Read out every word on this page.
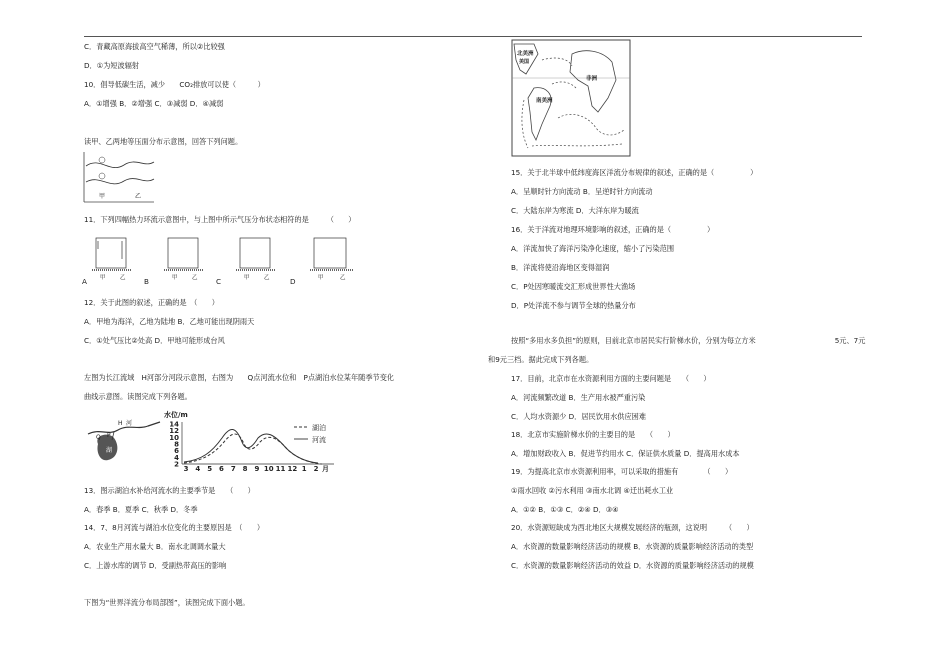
C．青藏高原海拔高空气稀薄，所以②比较强
D．①为短波辐射
10．倡导低碳生活，减少　　CO₂排放可以使（　　　）
A．①增强 B．②增强 C．③减弱 D．④减弱
读甲、乙两地等压面分布示意图，回答下列问题。
甲	乙
11．下列四幅热力环流示意图中，与上图中所示气压分布状态相符的是　　　（　　）
A 甲	乙	B	甲	乙	C	甲	乙	D	甲	乙
12．关于此图的叙述，正确的是　（　　）
A．甲地为海洋，乙地为陆地 B．乙地可能出现阴雨天
C．①处气压比②处高 D．甲地可能形成台风
左图为长江流域　H河部分河段示意图，右图为　　Q点河流水位和　P点湖泊水位某年随季节变化
曲线示意图。读图完成下列各题。
H 河
Q P
湖
水位/m
14
12
10
8
6
4
2
3 4 5 6 7 8 9 10 11 12 1 2 月
湖泊
河流
13．图示湖泊水补给河流水的主要季节是　　（　　）
A．春季 B．夏季 C．秋季 D．冬季
14．7、8月河流与湖泊水位变化的主要原因是　（　　）
A．农业生产用水量大 B．南水北调调水量大
C．上游水库的调节 D．受副热带高压的影响
下图为“世界洋流分布局部图”，读图完成下面小题。
北美洲
美国
非洲
南美洲
15．关于北半球中低纬度海区洋流分布规律的叙述，正确的是（　　　　　）
A．呈顺时针方向流动 B．呈逆时针方向流动
C．大陆东岸为寒流 D．大洋东岸为暖流
16．关于洋流对地理环境影响的叙述，正确的是（　　　　　）
A．洋流加快了海洋污染净化速度，缩小了污染范围
B．洋流将使沿海地区变得湿润
C．P处因寒暖流交汇形成世界性大渔场
D．P处洋流不参与调节全球的热量分布
按照“多用水多负担”的原则，目前北京市居民实行阶梯水价，分别为每立方米　　　　　　　　　　　5元、7元
和9元三档。据此完成下列各题。
17．目前，北京市在水资源利用方面的主要问题是　　（　　）
A．河流频繁改道 B．生产用水被严重污染
C．人均水资源少 D．居民饮用水供应困难
18．北京市实施阶梯水价的主要目的是　　（　　）
A．增加财政收入 B．促进节约用水 C．保证供水质量 D．提高用水成本
19．为提高北京市水资源利用率，可以采取的措施有　　　　（　　）
①雨水回收 ②污水利用 ③南水北调 ④迁出耗水工业
A．①② B．①③ C．②④ D．③④
20．水资源短缺成为西北地区大规模发展经济的瓶颈，这说明　　　（　　）
A．水资源的数量影响经济活动的规模 B．水资源的质量影响经济活动的类型
C．水资源的数量影响经济活动的效益 D．水资源的质量影响经济活动的规模
